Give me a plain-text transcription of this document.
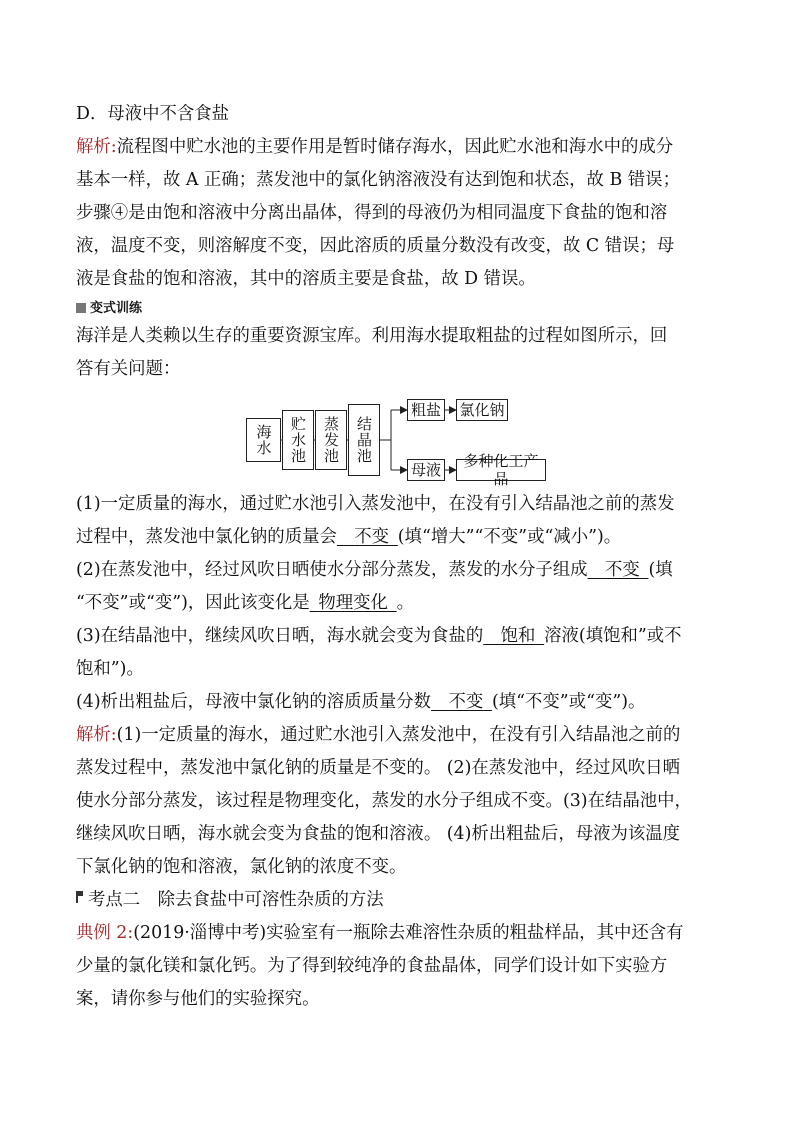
D．母液中不含食盐
解析:流程图中贮水池的主要作用是暂时储存海水，因此贮水池和海水中的成分
基本一样，故 A 正确；蒸发池中的氯化钠溶液没有达到饱和状态，故 B 错误；
步骤④是由饱和溶液中分离出晶体，得到的母液仍为相同温度下食盐的饱和溶
液，温度不变，则溶解度不变，因此溶质的质量分数没有改变，故 C 错误；母
液是食盐的饱和溶液，其中的溶质主要是食盐，故 D 错误。
变式训练
海洋是人类赖以生存的重要资源宝库。利用海水提取粗盐的过程如图所示，回
答有关问题：
海水	贮水池	蒸发池	结晶池
粗盐 氯化钠
母液	多种化工产品
(1)一定质量的海水，通过贮水池引入蒸发池中，在没有引入结晶池之前的蒸发
过程中，蒸发池中氯化钠的质量会   不变  (填“增大”“不变”或“减小”)。
(2)在蒸发池中，经过风吹日晒使水分部分蒸发，蒸发的水分子组成   不变  (填
“不变”或“变”)，因此该变化是  物理变化  。
(3)在结晶池中，继续风吹日晒，海水就会变为食盐的   饱和  溶液(填饱和”或不
饱和”)。
(4)析出粗盐后，母液中氯化钠的溶质质量分数   不变  (填“不变”或“变”)。
解析:(1)一定质量的海水，通过贮水池引入蒸发池中，在没有引入结晶池之前的
蒸发过程中，蒸发池中氯化钠的质量是不变的。 (2)在蒸发池中，经过风吹日晒
使水分部分蒸发，该过程是物理变化，蒸发的水分子组成不变。(3)在结晶池中，
继续风吹日晒，海水就会变为食盐的饱和溶液。 (4)析出粗盐后，母液为该温度
下氯化钠的饱和溶液，氯化钠的浓度不变。
考点二　除去食盐中可溶性杂质的方法
典例 2:(2019·淄博中考)实验室有一瓶除去难溶性杂质的粗盐样品，其中还含有
少量的氯化镁和氯化钙。为了得到较纯净的食盐晶体，同学们设计如下实验方
案，请你参与他们的实验探究。
